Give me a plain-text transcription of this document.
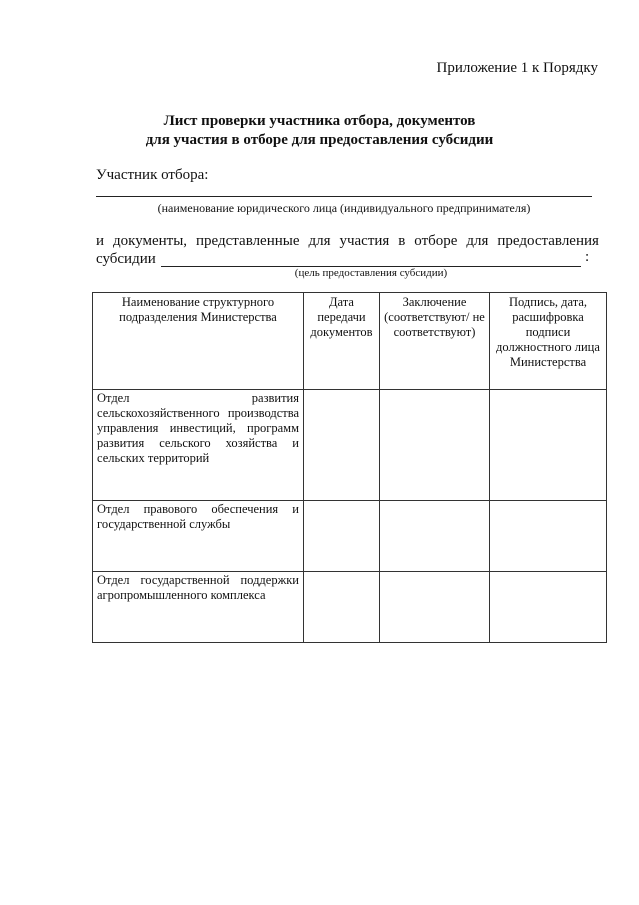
Приложение 1 к Порядку
Лист проверки участника отбора, документов
для участия в отборе для предоставления субсидии
Участник отбора:
(наименование юридического лица (индивидуального предпринимателя)
и документы, представленные для участия в отборе для предоставления
субсидии	:
(цель предоставления субсидии)
Наименование структурного подразделения Министерства	Дата передачи документов	Заключение (соответствуют/ не соответствуют)	Подпись, дата, расшифровка подписи должностного лица Министерства
Отдел развития сельскохозяйственного производства управления инвестиций, программ развития сельского хозяйства и сельских территорий			
Отдел правового обеспечения и государственной службы			
Отдел государственной поддержки агропромышленного комплекса			
